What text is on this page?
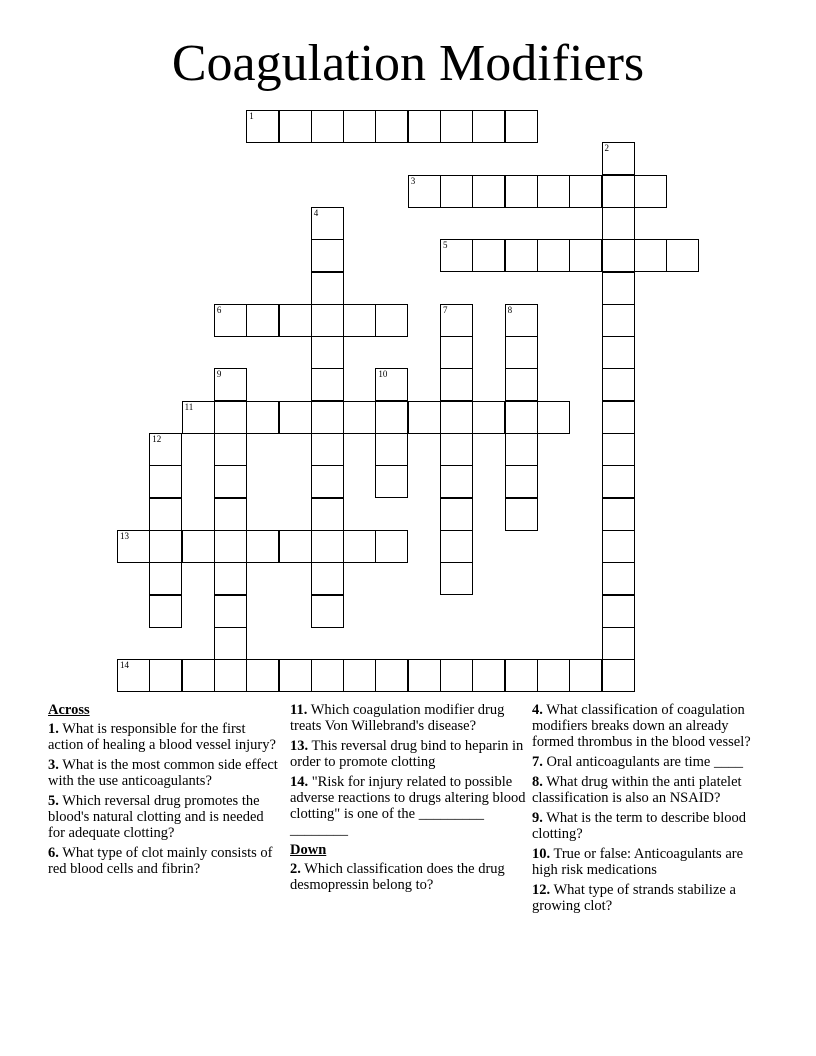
Coagulation Modifiers
1
2
3
4
5
6	7	8
9	10
11
12
13
14
Across
1. What is responsible for the first action of healing a blood vessel injury?
3. What is the most common side effect with the use anticoagulants?
5. Which reversal drug promotes the blood's natural clotting and is needed for adequate clotting?
6. What type of clot mainly consists of red blood cells and fibrin?
11. Which coagulation modifier drug treats Von Willebrand's disease?
13. This reversal drug bind to heparin in order to promote clotting
14. "Risk for injury related to possible adverse reactions to drugs altering blood clotting" is one of the _________ ________
Down
2. Which classification does the drug desmopressin belong to?
4. What classification of coagulation modifiers breaks down an already formed thrombus in the blood vessel?
7. Oral anticoagulants are time ____
8. What drug within the anti platelet classification is also an NSAID?
9. What is the term to describe blood clotting?
10. True or false: Anticoagulants are high risk medications
12. What type of strands stabilize a growing clot?
